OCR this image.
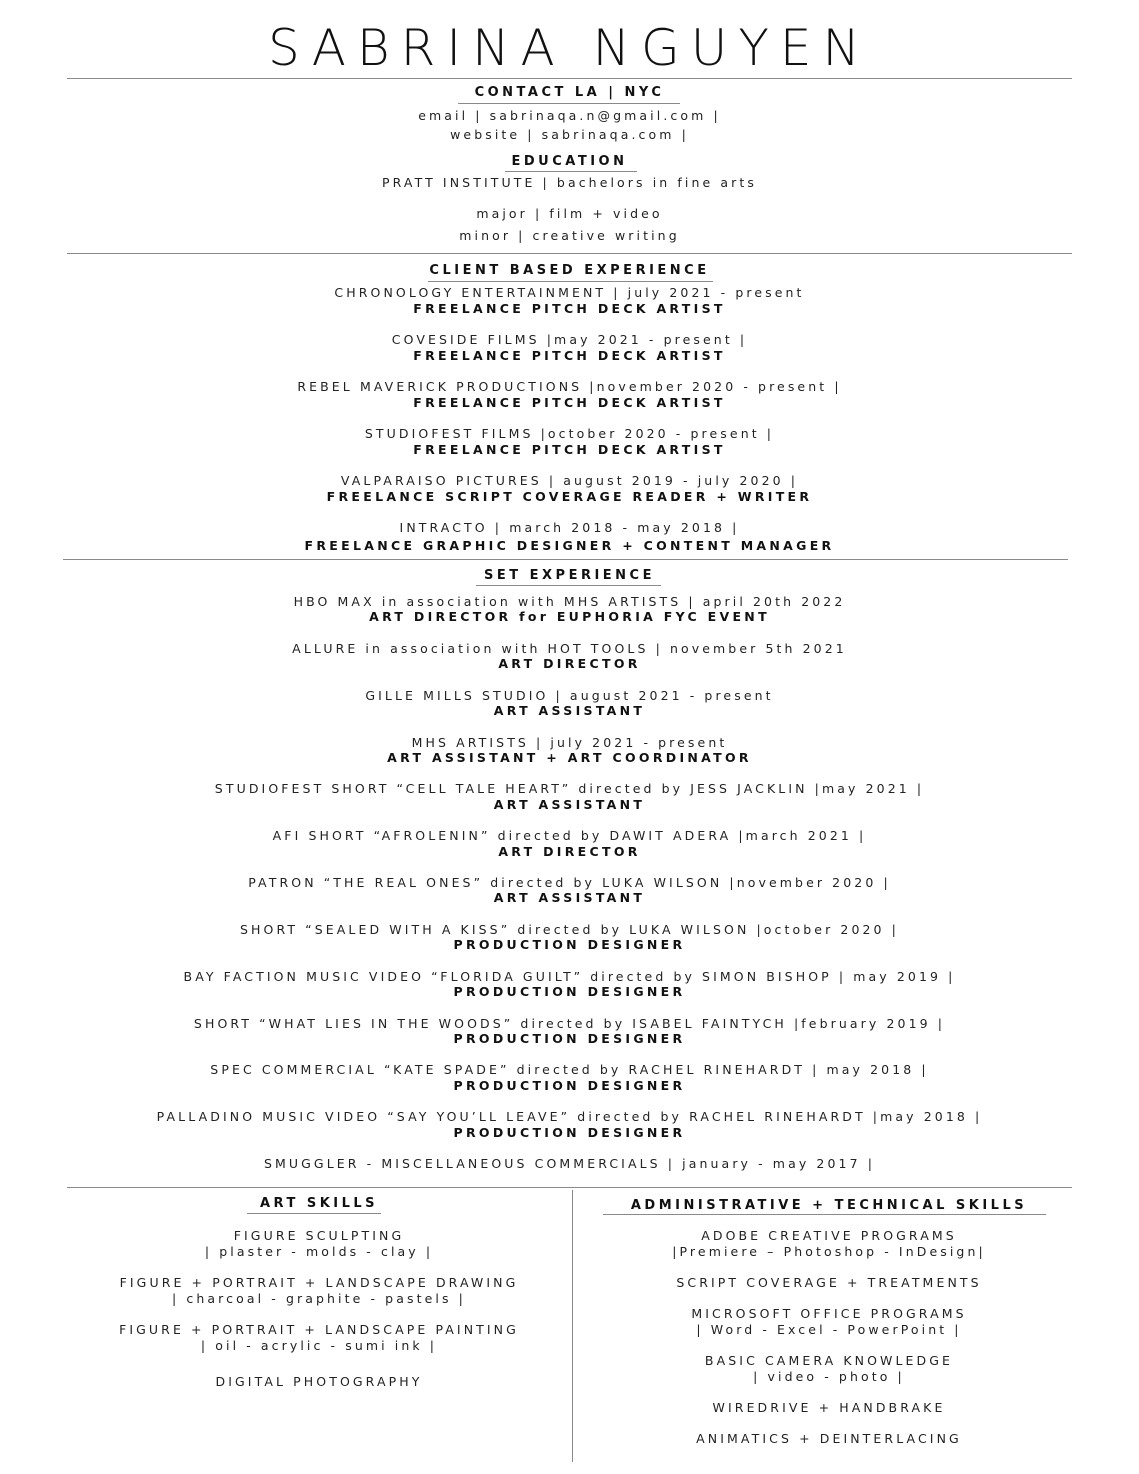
SABRINA NGUYEN
CONTACT LA | NYC
email | sabrinaqa.n@gmail.com |
website | sabrinaqa.com |
EDUCATION
PRATT INSTITUTE | bachelors in fine arts
major | film + video
minor | creative writing
CLIENT BASED EXPERIENCE
CHRONOLOGY ENTERTAINMENT | july 2021 - present
FREELANCE PITCH DECK ARTIST
COVESIDE FILMS |may 2021 - present |
FREELANCE PITCH DECK ARTIST
REBEL MAVERICK PRODUCTIONS |november 2020 - present |
FREELANCE PITCH DECK ARTIST
STUDIOFEST FILMS |october 2020 - present |
FREELANCE PITCH DECK ARTIST
VALPARAISO PICTURES | august 2019 - july 2020 |
FREELANCE SCRIPT COVERAGE READER + WRITER
INTRACTO | march 2018 - may 2018 |
FREELANCE GRAPHIC DESIGNER + CONTENT MANAGER
SET EXPERIENCE
HBO MAX in association with MHS ARTISTS | april 20th 2022
ART DIRECTOR for EUPHORIA FYC EVENT
ALLURE in association with HOT TOOLS | november 5th 2021
ART DIRECTOR
GILLE MILLS STUDIO | august 2021 - present
ART ASSISTANT
MHS ARTISTS | july 2021 - present
ART ASSISTANT + ART COORDINATOR
STUDIOFEST SHORT “CELL TALE HEART” directed by JESS JACKLIN |may 2021 |
ART ASSISTANT
AFI SHORT “AFROLENIN” directed by DAWIT ADERA |march 2021 |
ART DIRECTOR
PATRON “THE REAL ONES” directed by LUKA WILSON |november 2020 |
ART ASSISTANT
SHORT “SEALED WITH A KISS” directed by LUKA WILSON |october 2020 |
PRODUCTION DESIGNER
BAY FACTION MUSIC VIDEO “FLORIDA GUILT” directed by SIMON BISHOP | may 2019 |
PRODUCTION DESIGNER
SHORT “WHAT LIES IN THE WOODS” directed by ISABEL FAINTYCH |february 2019 |
PRODUCTION DESIGNER
SPEC COMMERCIAL “KATE SPADE” directed by RACHEL RINEHARDT | may 2018 |
PRODUCTION DESIGNER
PALLADINO MUSIC VIDEO “SAY YOU’LL LEAVE” directed by RACHEL RINEHARDT |may 2018 |
PRODUCTION DESIGNER
SMUGGLER - MISCELLANEOUS COMMERCIALS | january - may 2017 |
ART SKILLS
FIGURE SCULPTING
| plaster - molds - clay |
FIGURE + PORTRAIT + LANDSCAPE DRAWING
| charcoal - graphite - pastels |
FIGURE + PORTRAIT + LANDSCAPE PAINTING
| oil - acrylic - sumi ink |
DIGITAL PHOTOGRAPHY
ADMINISTRATIVE + TECHNICAL SKILLS
ADOBE CREATIVE PROGRAMS
|Premiere – Photoshop - InDesign|
SCRIPT COVERAGE + TREATMENTS
MICROSOFT OFFICE PROGRAMS
| Word - Excel - PowerPoint |
BASIC CAMERA KNOWLEDGE
| video - photo |
WIREDRIVE + HANDBRAKE
ANIMATICS + DEINTERLACING
